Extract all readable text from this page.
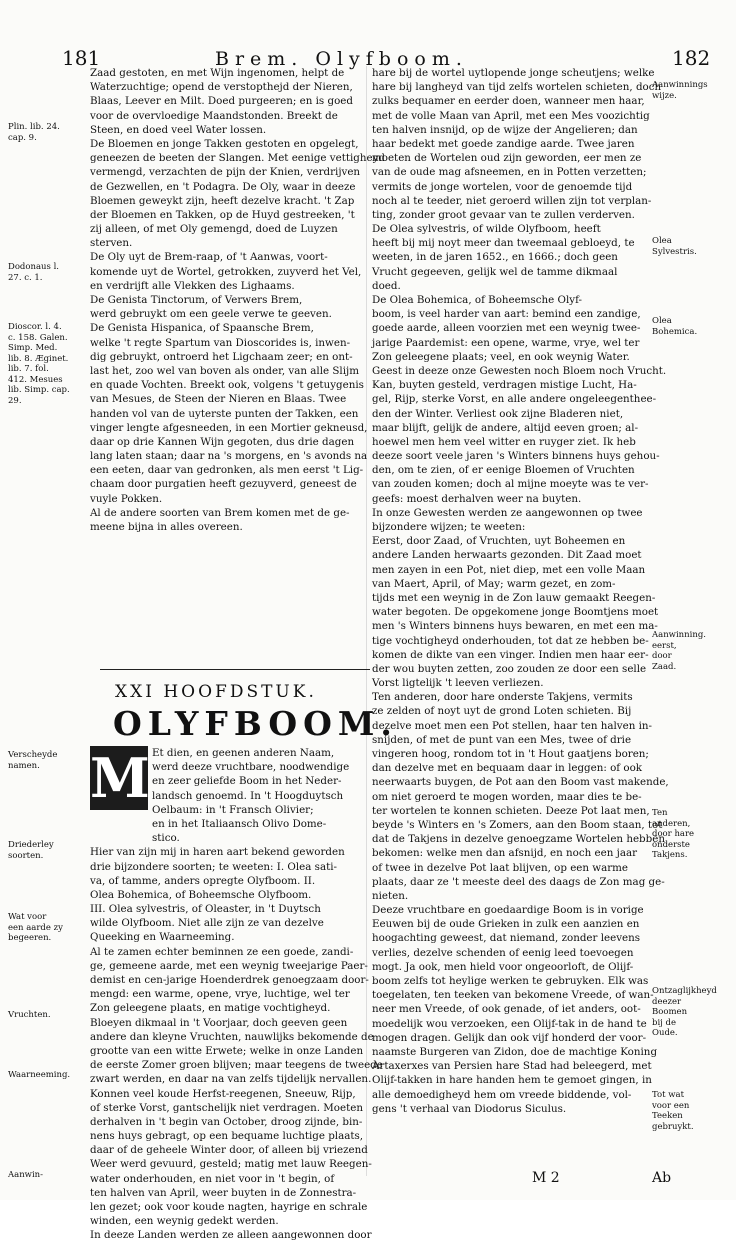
181	Brem. Olyfboom.	182
Zaad gestoten, en met Wijn ingenomen, helpt de
Waterzuchtige; opend de verstopthejd der Nieren,
Blaas, Leever en Milt. Doed purgeeren; en is goed
voor de overvloedige Maandstonden. Breekt de
Steen, en doed veel Water lossen.
De Bloemen en jonge Takken gestoten en opgelegt,
geneezen de beeten der Slangen. Met eenige vettigheyd
vermengd, verzachten de pijn der Knien, verdrijven
de Gezwellen, en 't Podagra. De Oly, waar in deeze
Bloemen geweykt zijn, heeft dezelve kracht. 't Zap
der Bloemen en Takken, op de Huyd gestreeken, 't
zij alleen, of met Oly gemengd, doed de Luyzen
sterven.
De Oly uyt de Brem-raap, of 't Aanwas, voort-
komende uyt de Wortel, getrokken, zuyverd het Vel,
en verdrijft alle Vlekken des Lighaams.
De Genista Tinctorum, of Verwers Brem,
werd gebruykt om een geele verwe te geeven.
De Genista Hispanica, of Spaansche Brem,
welke 't regte Spartum van Dioscorides is, inwen-
dig gebruykt, ontroerd het Ligchaam zeer; en ont-
last het, zoo wel van boven als onder, van alle Slijm
en quade Vochten. Breekt ook, volgens 't getuygenis
van Mesues, de Steen der Nieren en Blaas. Twee
handen vol van de uyterste punten der Takken, een
vinger lengte afgesneeden, in een Mortier gekneusd,
daar op drie Kannen Wijn gegoten, dus drie dagen
lang laten staan; daar na 's morgens, en 's avonds na
een eeten, daar van gedronken, als men eerst 't Lig-
chaam door purgatien heeft gezuyverd, geneest de
vuyle Pokken.
Al de andere soorten van Brem komen met de ge-
meene bijna in alles overeen.
XXI HOOFDSTUK.
OLYFBOOM.
M Et dien, en geenen anderen Naam,
werd deeze vruchtbare, noodwendige
en zeer geliefde Boom in het Neder-
landsch genoemd. In 't Hoogduytsch
Oelbaum: in 't Fransch Olivier;
en in het Italiaansch Olivo Dome-
stico.
Hier van zijn mij in haren aart bekend geworden
drie bijzondere soorten; te weeten: I. Olea sati-
va, of tamme, anders opregte Olyfboom. II.
Olea Bohemica, of Boheemsche Olyfboom.
III. Olea sylvestris, of Oleaster, in 't Duytsch
wilde Olyfboom. Niet alle zijn ze van dezelve
Queeking en Waarneeming.
Al te zamen echter beminnen ze een goede, zandi-
ge, gemeene aarde, met een weynig tweejarige Paer-
demist en cen-jarige Hoenderdrek genoegzaam door-
mengd: een warme, opene, vrye, luchtige, wel ter
Zon geleegene plaats, en matige vochtigheyd.
Bloeyen dikmaal in 't Voorjaar, doch geeven geen
andere dan kleyne Vruchten, nauwlijks bekomende de
grootte van een witte Erwete; welke in onze Landen
de eerste Zomer groen blijven; maar teegens de tweede
zwart werden, en daar na van zelfs tijdelijk nervallen.
Konnen veel koude Herfst-reegenen, Sneeuw, Rijp,
of sterke Vorst, gantschelijk niet verdragen. Moeten
derhalven in 't begin van October, droog zijnde, bin-
nens huys gebragt, op een bequame luchtige plaats,
daar of de geheele Winter door, of alleen bij vriezend
Weer werd gevuurd, gesteld; matig met lauw Reegen-
water onderhouden, en niet voor in 't begin, of
ten halven van April, weer buyten in de Zonnestra-
len gezet; ook voor koude nagten, hayrige en schrale
winden, een weynig gedekt werden.
In deeze Landen werden ze alleen aangewonnen door
hare bij de wortel uytlopende jonge scheutjens; welke
hare bij langheyd van tijd zelfs wortelen schieten, doch
zulks bequamer en eerder doen, wanneer men haar,
met de volle Maan van April, met een Mes voozichtig
ten halven insnijd, op de wijze der Angelieren; dan
haar bedekt met goede zandige aarde. Twee jaren
moeten de Wortelen oud zijn geworden, eer men ze
van de oude mag afsneemen, en in Potten verzetten;
vermits de jonge wortelen, voor de genoemde tijd
noch al te teeder, niet geroerd willen zijn tot verplan-
ting, zonder groot gevaar van te zullen verderven.
De Olea sylvestris, of wilde Olyfboom, heeft
heeft bij mij noyt meer dan tweemaal gebloeyd, te
weeten, in de jaren 1652., en 1666.; doch geen
Vrucht gegeeven, gelijk wel de tamme dikmaal
doed.
De Olea Bohemica, of Boheemsche Olyf-
boom, is veel harder van aart: bemind een zandige,
goede aarde, alleen voorzien met een weynig twee-
jarige Paardemist: een opene, warme, vrye, wel ter
Zon geleegene plaats; veel, en ook weynig Water.
Geest in deeze onze Gewesten noch Bloem noch Vrucht.
Kan, buyten gesteld, verdragen mistige Lucht, Ha-
gel, Rijp, sterke Vorst, en alle andere ongeleegenthee-
den der Winter. Verliest ook zijne Bladeren niet,
maar blijft, gelijk de andere, altijd eeven groen; al-
hoewel men hem veel witter en ruyger ziet. Ik heb
deeze soort veele jaren 's Winters binnens huys gehou-
den, om te zien, of er eenige Bloemen of Vruchten
van zouden komen; doch al mijne moeyte was te ver-
geefs: moest derhalven weer na buyten.
In onze Gewesten werden ze aangewonnen op twee
bijzondere wijzen; te weeten:
Eerst, door Zaad, of Vruchten, uyt Boheemen en
andere Landen herwaarts gezonden. Dit Zaad moet
men zayen in een Pot, niet diep, met een volle Maan
van Maert, April, of May; warm gezet, en zom-
tijds met een weynig in de Zon lauw gemaakt Reegen-
water begoten. De opgekomene jonge Boomtjens moet
men 's Winters binnens huys bewaren, en met een ma-
tige vochtigheyd onderhouden, tot dat ze hebben be-
komen de dikte van een vinger. Indien men haar eer-
der wou buyten zetten, zoo zouden ze door een selle
Vorst ligtelijk 't leeven verliezen.
Ten anderen, door hare onderste Takjens, vermits
ze zelden of noyt uyt de grond Loten schieten. Bij
dezelve moet men een Pot stellen, haar ten halven in-
snijden, of met de punt van een Mes, twee of drie
vingeren hoog, rondom tot in 't Hout gaatjens boren;
dan dezelve met en bequaam daar in leggen: of ook
neerwaarts buygen, de Pot aan den Boom vast makende,
om niet geroerd te mogen worden, maar dies te be-
ter wortelen te konnen schieten. Deeze Pot laat men,
beyde 's Winters en 's Zomers, aan den Boom staan, tot
dat de Takjens in dezelve genoegzame Wortelen hebben
bekomen: welke men dan afsnijd, en noch een jaar
of twee in dezelve Pot laat blijven, op een warme
plaats, daar ze 't meeste deel des daags de Zon mag ge-
nieten.
Deeze vruchtbare en goedaardige Boom is in vorige
Eeuwen bij de oude Grieken in zulk een aanzien en
hoogachting geweest, dat niemand, zonder leevens
verlies, dezelve schenden of eenig leed toevoegen
mogt. Ja ook, men hield voor ongeoorloft, de Olijf-
boom zelfs tot heylige werken te gebruyken. Elk was
toegelaten, ten teeken van bekomene Vreede, of wan-
neer men Vreede, of ook genade, of iet anders, oot-
moedelijk wou verzoeken, een Olijf-tak in de hand te
mogen dragen. Gelijk dan ook vijf honderd der voor-
naamste Burgeren van Zidon, doe de machtige Koning
Artaxerxes van Persien hare Stad had beleegerd, met
Olijf-takken in hare handen hem te gemoet gingen, in
alle demoedigheyd hem om vreede biddende, vol-
gens 't verhaal van Diodorus Siculus.
Plin. lib. 24. cap. 9.
Dodonaus l. 27. c. 1.
Dioscor. l. 4. c. 158. Galen. Simp. Med. lib. 8. Æginet. lib. 7. fol. 412. Mesues lib. Simp. cap. 29.
Verscheyde namen.
Driederley soorten.
Wat voor een aarde zy begeeren.
Vruchten.
Waarneeming.
Aanwin-
Aanwinnings wijze.
Olea Sylvestris.
Olea Bohemica.
Aanwinning. eerst, door Zaad.
Ten anderen, door hare onderste Takjens.
Ontzaglijkheyd deezer Boomen bij de Oude.
Tot wat voor een Teeken gebruykt.
M 2	Ab
